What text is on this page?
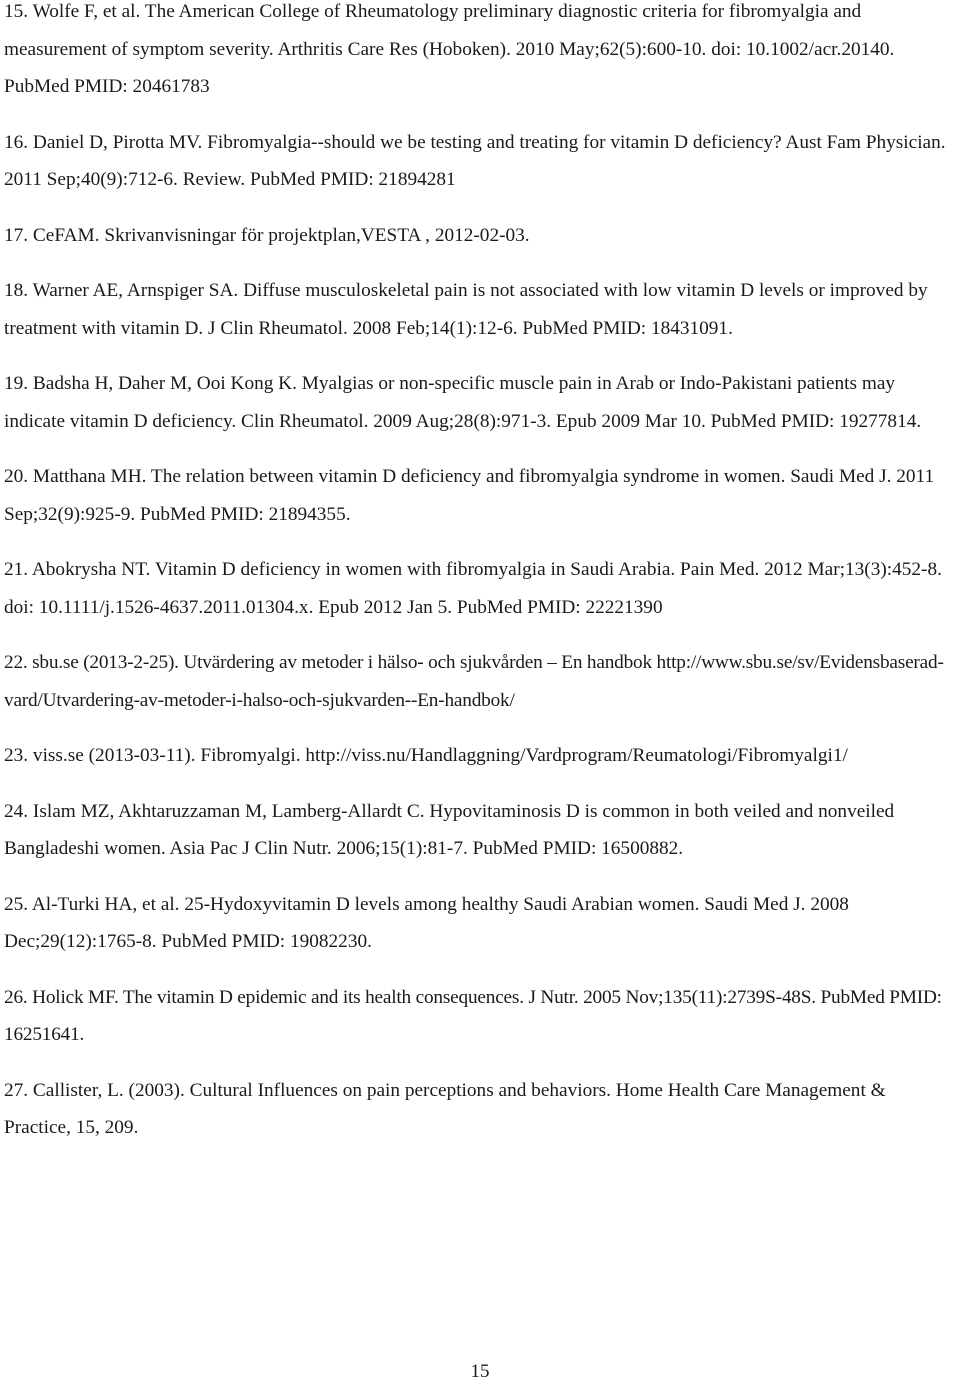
15. Wolfe F, et al. The American College of Rheumatology preliminary diagnostic criteria for fibromyalgia and measurement of symptom severity. Arthritis Care Res (Hoboken). 2010 May;62(5):600-10. doi: 10.1002/acr.20140. PubMed PMID: 20461783

16. Daniel D, Pirotta MV. Fibromyalgia--should we be testing and treating for vitamin D deficiency? Aust Fam Physician. 2011 Sep;40(9):712-6. Review. PubMed PMID: 21894281

17. CeFAM. Skrivanvisningar för projektplan,VESTA , 2012-02-03.

18. Warner AE, Arnspiger SA. Diffuse musculoskeletal pain is not associated with low vitamin D levels or improved by treatment with vitamin D. J Clin Rheumatol. 2008 Feb;14(1):12-6. PubMed PMID: 18431091.

19. Badsha H, Daher M, Ooi Kong K. Myalgias or non-specific muscle pain in Arab or Indo-Pakistani patients may indicate vitamin D deficiency. Clin Rheumatol. 2009 Aug;28(8):971-3. Epub 2009 Mar 10. PubMed PMID: 19277814.

20. Matthana MH. The relation between vitamin D deficiency and fibromyalgia syndrome in women. Saudi Med J. 2011 Sep;32(9):925-9. PubMed PMID: 21894355.

21. Abokrysha NT. Vitamin D deficiency in women with fibromyalgia in Saudi Arabia. Pain Med. 2012 Mar;13(3):452-8. doi: 10.1111/j.1526-4637.2011.01304.x. Epub 2012 Jan 5. PubMed PMID: 22221390

22. sbu.se (2013-2-25). Utvärdering av metoder i hälso- och sjukvården – En handbok http://www.sbu.se/sv/Evidensbaserad-vard/Utvardering-av-metoder-i-halso-och-sjukvarden--En-handbok/

23. viss.se (2013-03-11). Fibromyalgi. http://viss.nu/Handlaggning/Vardprogram/Reumatologi/Fibromyalgi1/

24. Islam MZ, Akhtaruzzaman M, Lamberg-Allardt C. Hypovitaminosis D is common in both veiled and nonveiled Bangladeshi women. Asia Pac J Clin Nutr. 2006;15(1):81-7. PubMed PMID: 16500882.

25. Al-Turki HA, et al. 25-Hydoxyvitamin D levels among healthy Saudi Arabian women. Saudi Med J. 2008 Dec;29(12):1765-8. PubMed PMID: 19082230.

26. Holick MF. The vitamin D epidemic and its health consequences. J Nutr. 2005 Nov;135(11):2739S-48S. PubMed PMID: 16251641.

27. Callister, L. (2003). Cultural Influences on pain perceptions and behaviors. Home Health Care Management & Practice, 15, 209.

15
